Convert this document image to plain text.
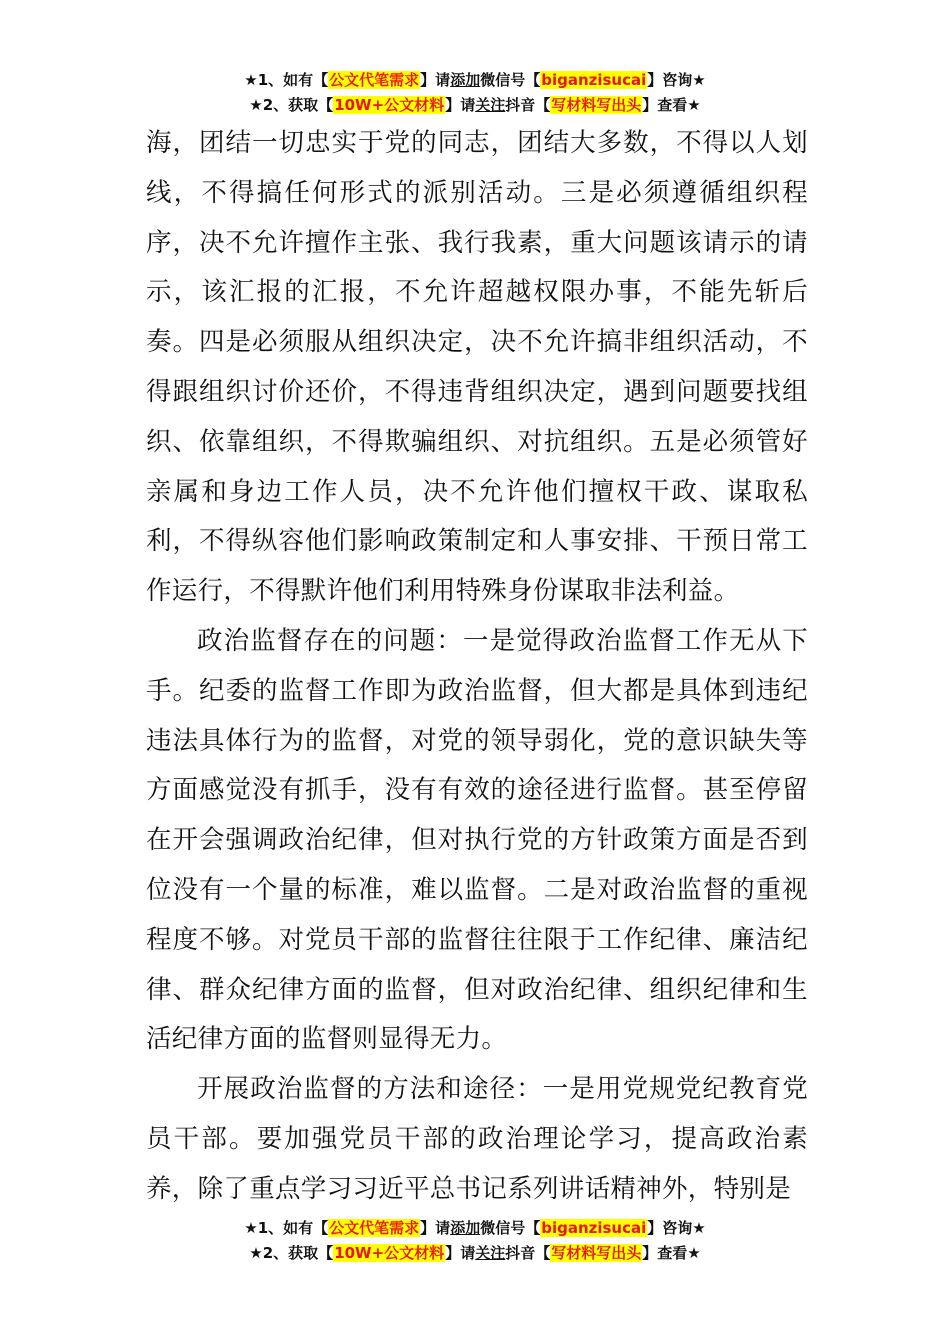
★1、如有【公文代笔需求】请添加微信号【biganzisucai】咨询★
★2、获取【10W+公文材料】请关注抖音【写材料写出头】查看★

海，团结一切忠实于党的同志，团结大多数，不得以人划线，不得搞任何形式的派别活动。三是必须遵循组织程序，决不允许擅作主张、我行我素，重大问题该请示的请示，该汇报的汇报，不允许超越权限办事，不能先斩后奏。四是必须服从组织决定，决不允许搞非组织活动，不得跟组织讨价还价，不得违背组织决定，遇到问题要找组织、依靠组织，不得欺骗组织、对抗组织。五是必须管好亲属和身边工作人员，决不允许他们擅权干政、谋取私利，不得纵容他们影响政策制定和人事安排、干预日常工作运行，不得默许他们利用特殊身份谋取非法利益。

政治监督存在的问题：一是觉得政治监督工作无从下手。纪委的监督工作即为政治监督，但大都是具体到违纪违法具体行为的监督，对党的领导弱化，党的意识缺失等方面感觉没有抓手，没有有效的途径进行监督。甚至停留在开会强调政治纪律，但对执行党的方针政策方面是否到位没有一个量的标准，难以监督。二是对政治监督的重视程度不够。对党员干部的监督往往限于工作纪律、廉洁纪律、群众纪律方面的监督，但对政治纪律、组织纪律和生活纪律方面的监督则显得无力。

开展政治监督的方法和途径：一是用党规党纪教育党员干部。要加强党员干部的政治理论学习，提高政治素养，除了重点学习习近平总书记系列讲话精神外，特别是

★1、如有【公文代笔需求】请添加微信号【biganzisucai】咨询★
★2、获取【10W+公文材料】请关注抖音【写材料写出头】查看★
